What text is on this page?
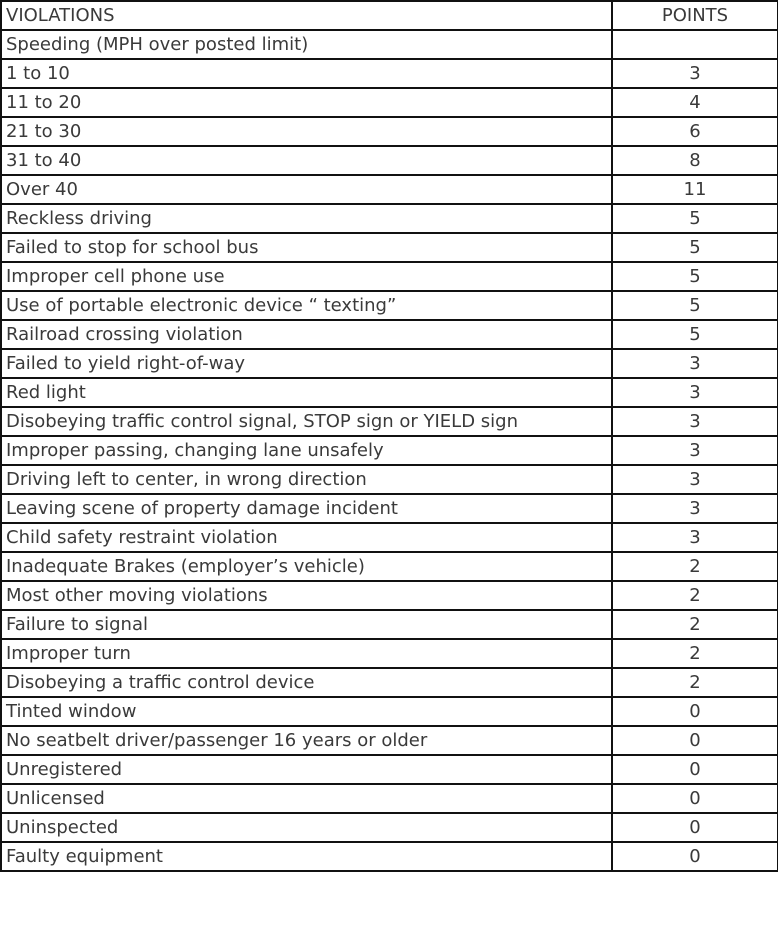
VIOLATIONS	POINTS
Speeding (MPH over posted limit)	
1 to 10	3
11 to 20	4
21 to 30	6
31 to 40	8
Over 40	11
Reckless driving	5
Failed to stop for school bus	5
Improper cell phone use	5
Use of portable electronic device “ texting”	5
Railroad crossing violation	5
Failed to yield right-of-way	3
Red light	3
Disobeying traffic control signal, STOP sign or YIELD sign	3
Improper passing, changing lane unsafely	3
Driving left to center, in wrong direction	3
Leaving scene of property damage incident	3
Child safety restraint violation	3
Inadequate Brakes (employer’s vehicle)	2
Most other moving violations	2
Failure to signal	2
Improper turn	2
Disobeying a traffic control device	2
Tinted window	0
No seatbelt driver/passenger 16 years or older	0
Unregistered	0
Unlicensed	0
Uninspected	0
Faulty equipment	0
